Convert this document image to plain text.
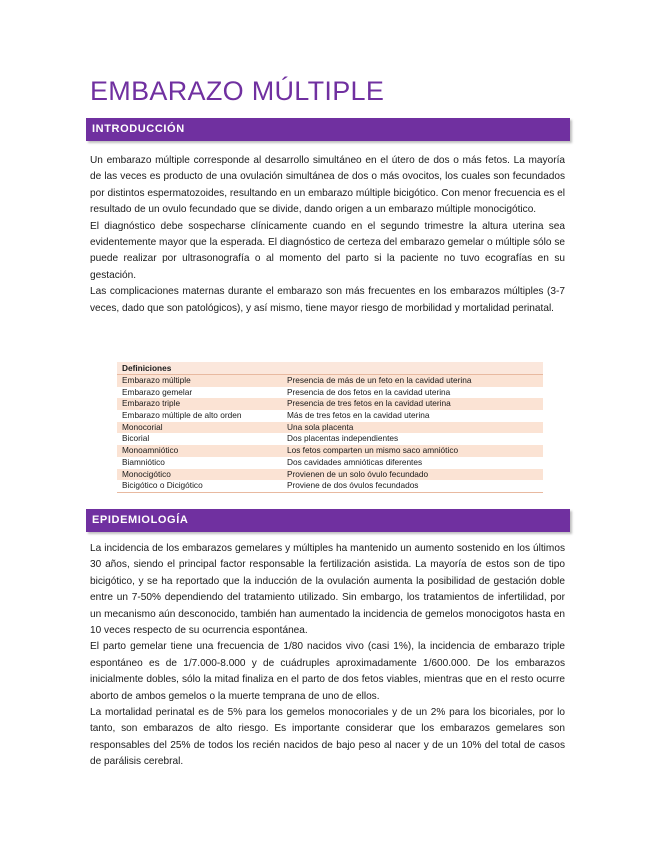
EMBARAZO MÚLTIPLE
INTRODUCCIÓN

Un embarazo múltiple corresponde al desarrollo simultáneo en el útero de dos o más fetos. La mayoría de las veces es producto de una ovulación simultánea de dos o más ovocitos, los cuales son fecundados por distintos espermatozoides, resultando en un embarazo múltiple bicigótico. Con menor frecuencia es el resultado de un ovulo fecundado que se divide, dando origen a un embarazo múltiple monocigótico.

El diagnóstico debe sospecharse clínicamente cuando en el segundo trimestre la altura uterina sea evidentemente mayor que la esperada. El diagnóstico de certeza del embarazo gemelar o múltiple sólo se puede realizar por ultrasonografía o al momento del parto si la paciente no tuvo ecografías en su gestación.

Las complicaciones maternas durante el embarazo son más frecuentes en los embarazos múltiples (3-7 veces, dado que son patológicos), y así mismo, tiene mayor riesgo de morbilidad y mortalidad perinatal.

Definiciones
Embarazo múltiple	Presencia de más de un feto en la cavidad uterina
Embarazo gemelar	Presencia de dos fetos en la cavidad uterina
Embarazo triple	Presencia de tres fetos en la cavidad uterina
Embarazo múltiple de alto orden	Más de tres fetos en la cavidad uterina
Monocorial	Una sola placenta
Bicorial	Dos placentas independientes
Monoamniótico	Los fetos comparten un mismo saco amniótico
Biamniótico	Dos cavidades amnióticas diferentes
Monocigótico	Provienen de un solo óvulo fecundado
Bicigótico o Dicigótico	Proviene de dos óvulos fecundados
EPIDEMIOLOGÍA

La incidencia de los embarazos gemelares y múltiples ha mantenido un aumento sostenido en los últimos 30 años, siendo el principal factor responsable la fertilización asistida. La mayoría de estos son de tipo bicigótico, y se ha reportado que la inducción de la ovulación aumenta la posibilidad de gestación doble entre un 7-50% dependiendo del tratamiento utilizado. Sin embargo, los tratamientos de infertilidad, por un mecanismo aún desconocido, también han aumentado la incidencia de gemelos monocigotos hasta en 10 veces respecto de su ocurrencia espontánea.

El parto gemelar tiene una frecuencia de 1/80 nacidos vivo (casi 1%), la incidencia de embarazo triple espontáneo es de 1/7.000-8.000 y de cuádruples aproximadamente 1/600.000. De los embarazos inicialmente dobles, sólo la mitad finaliza en el parto de dos fetos viables, mientras que en el resto ocurre aborto de ambos gemelos o la muerte temprana de uno de ellos.

La mortalidad perinatal es de 5% para los gemelos monocoriales y de un 2% para los bicoriales, por lo tanto, son embarazos de alto riesgo. Es importante considerar que los embarazos gemelares son responsables del 25% de todos los recién nacidos de bajo peso al nacer y de un 10% del total de casos de parálisis cerebral.
